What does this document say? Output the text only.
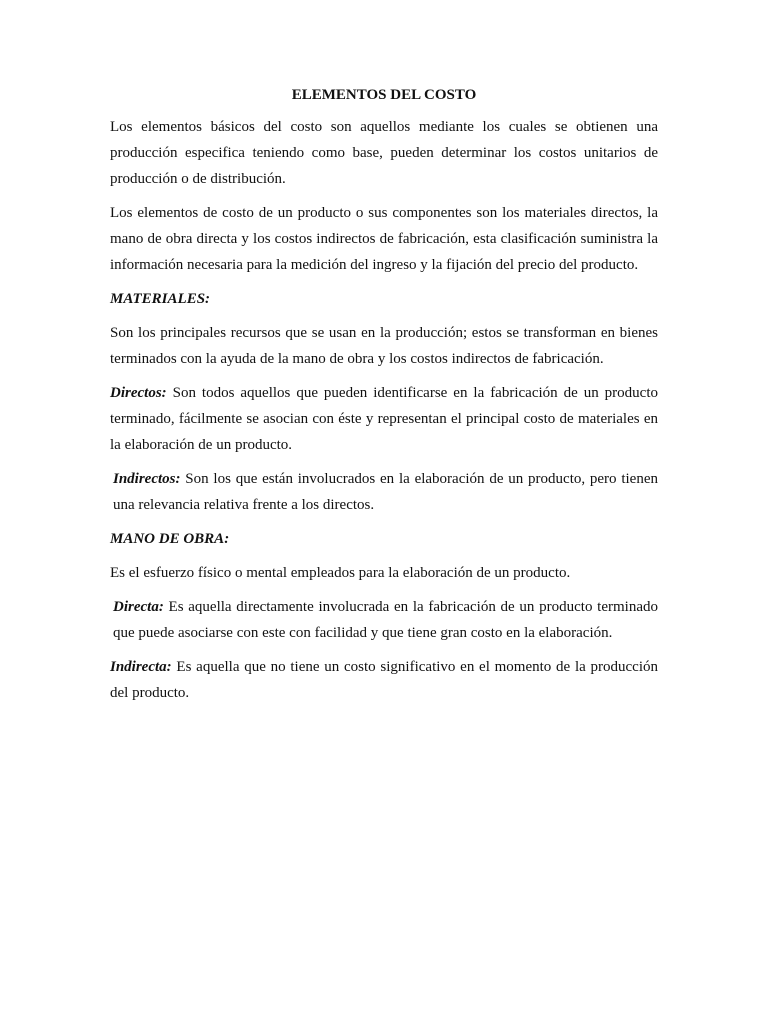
ELEMENTOS DEL COSTO

Los elementos básicos del costo son aquellos mediante los cuales se obtienen una producción especifica teniendo como base, pueden determinar los costos unitarios de producción o de distribución.

Los elementos de costo de un producto o sus componentes son los materiales directos, la mano de obra directa y los costos indirectos de fabricación, esta clasificación suministra la información necesaria para la medición del ingreso y la fijación del precio del producto.

MATERIALES:

Son los principales recursos que se usan en la producción; estos se transforman en bienes terminados con la ayuda de la mano de obra y los costos indirectos de fabricación.

Directos: Son todos aquellos que pueden identificarse en la fabricación de un producto terminado, fácilmente se asocian con éste y representan el principal costo de materiales en la elaboración de un producto.

Indirectos: Son los que están involucrados en la elaboración de un producto, pero tienen una relevancia relativa frente a los directos.

MANO DE OBRA:

Es el esfuerzo físico o mental empleados para la elaboración de un producto.

Directa: Es aquella directamente involucrada en la fabricación de un producto terminado que puede asociarse con este con facilidad y que tiene gran costo en la elaboración.

Indirecta: Es aquella que no tiene un costo significativo en el momento de la producción del producto.
